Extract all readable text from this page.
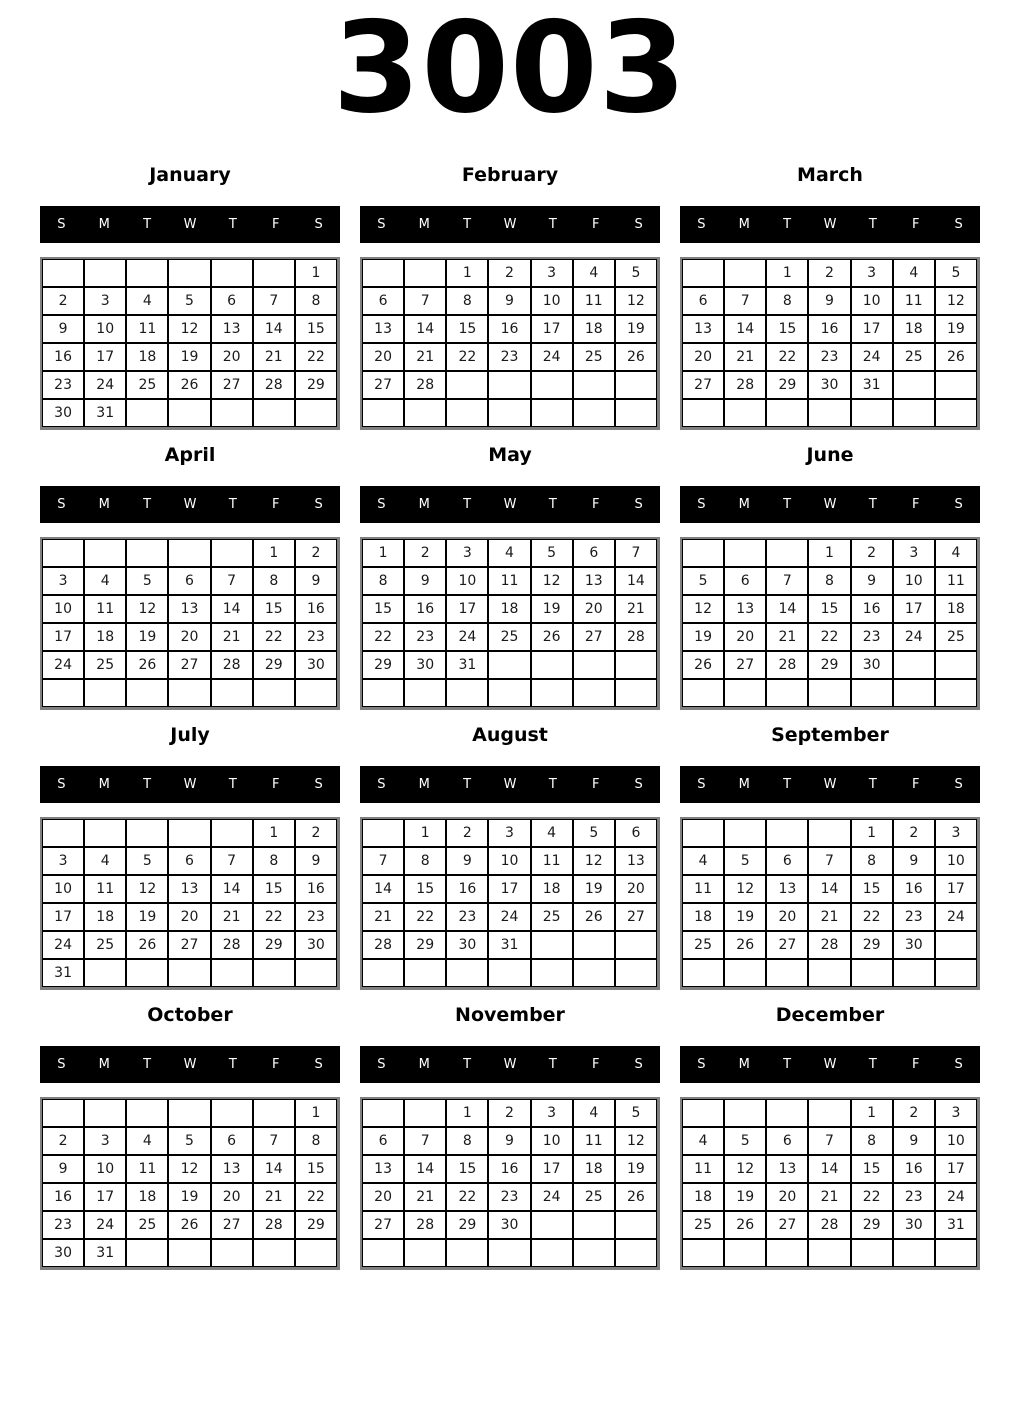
3003
January
S	M	T	W	T	F	S
						1
2	3	4	5	6	7	8
9	10	11	12	13	14	15
16	17	18	19	20	21	22
23	24	25	26	27	28	29
30	31					
February
S	M	T	W	T	F	S
		1	2	3	4	5
6	7	8	9	10	11	12
13	14	15	16	17	18	19
20	21	22	23	24	25	26
27	28					

March
S	M	T	W	T	F	S
		1	2	3	4	5
6	7	8	9	10	11	12
13	14	15	16	17	18	19
20	21	22	23	24	25	26
27	28	29	30	31		

April
S	M	T	W	T	F	S
					1	2
3	4	5	6	7	8	9
10	11	12	13	14	15	16
17	18	19	20	21	22	23
24	25	26	27	28	29	30

May
S	M	T	W	T	F	S
1	2	3	4	5	6	7
8	9	10	11	12	13	14
15	16	17	18	19	20	21
22	23	24	25	26	27	28
29	30	31				

June
S	M	T	W	T	F	S
			1	2	3	4
5	6	7	8	9	10	11
12	13	14	15	16	17	18
19	20	21	22	23	24	25
26	27	28	29	30		

July
S	M	T	W	T	F	S
					1	2
3	4	5	6	7	8	9
10	11	12	13	14	15	16
17	18	19	20	21	22	23
24	25	26	27	28	29	30
31						
August
S	M	T	W	T	F	S
	1	2	3	4	5	6
7	8	9	10	11	12	13
14	15	16	17	18	19	20
21	22	23	24	25	26	27
28	29	30	31			

September
S	M	T	W	T	F	S
				1	2	3
4	5	6	7	8	9	10
11	12	13	14	15	16	17
18	19	20	21	22	23	24
25	26	27	28	29	30	

October
S	M	T	W	T	F	S
						1
2	3	4	5	6	7	8
9	10	11	12	13	14	15
16	17	18	19	20	21	22
23	24	25	26	27	28	29
30	31					
November
S	M	T	W	T	F	S
		1	2	3	4	5
6	7	8	9	10	11	12
13	14	15	16	17	18	19
20	21	22	23	24	25	26
27	28	29	30			

December
S	M	T	W	T	F	S
				1	2	3
4	5	6	7	8	9	10
11	12	13	14	15	16	17
18	19	20	21	22	23	24
25	26	27	28	29	30	31
